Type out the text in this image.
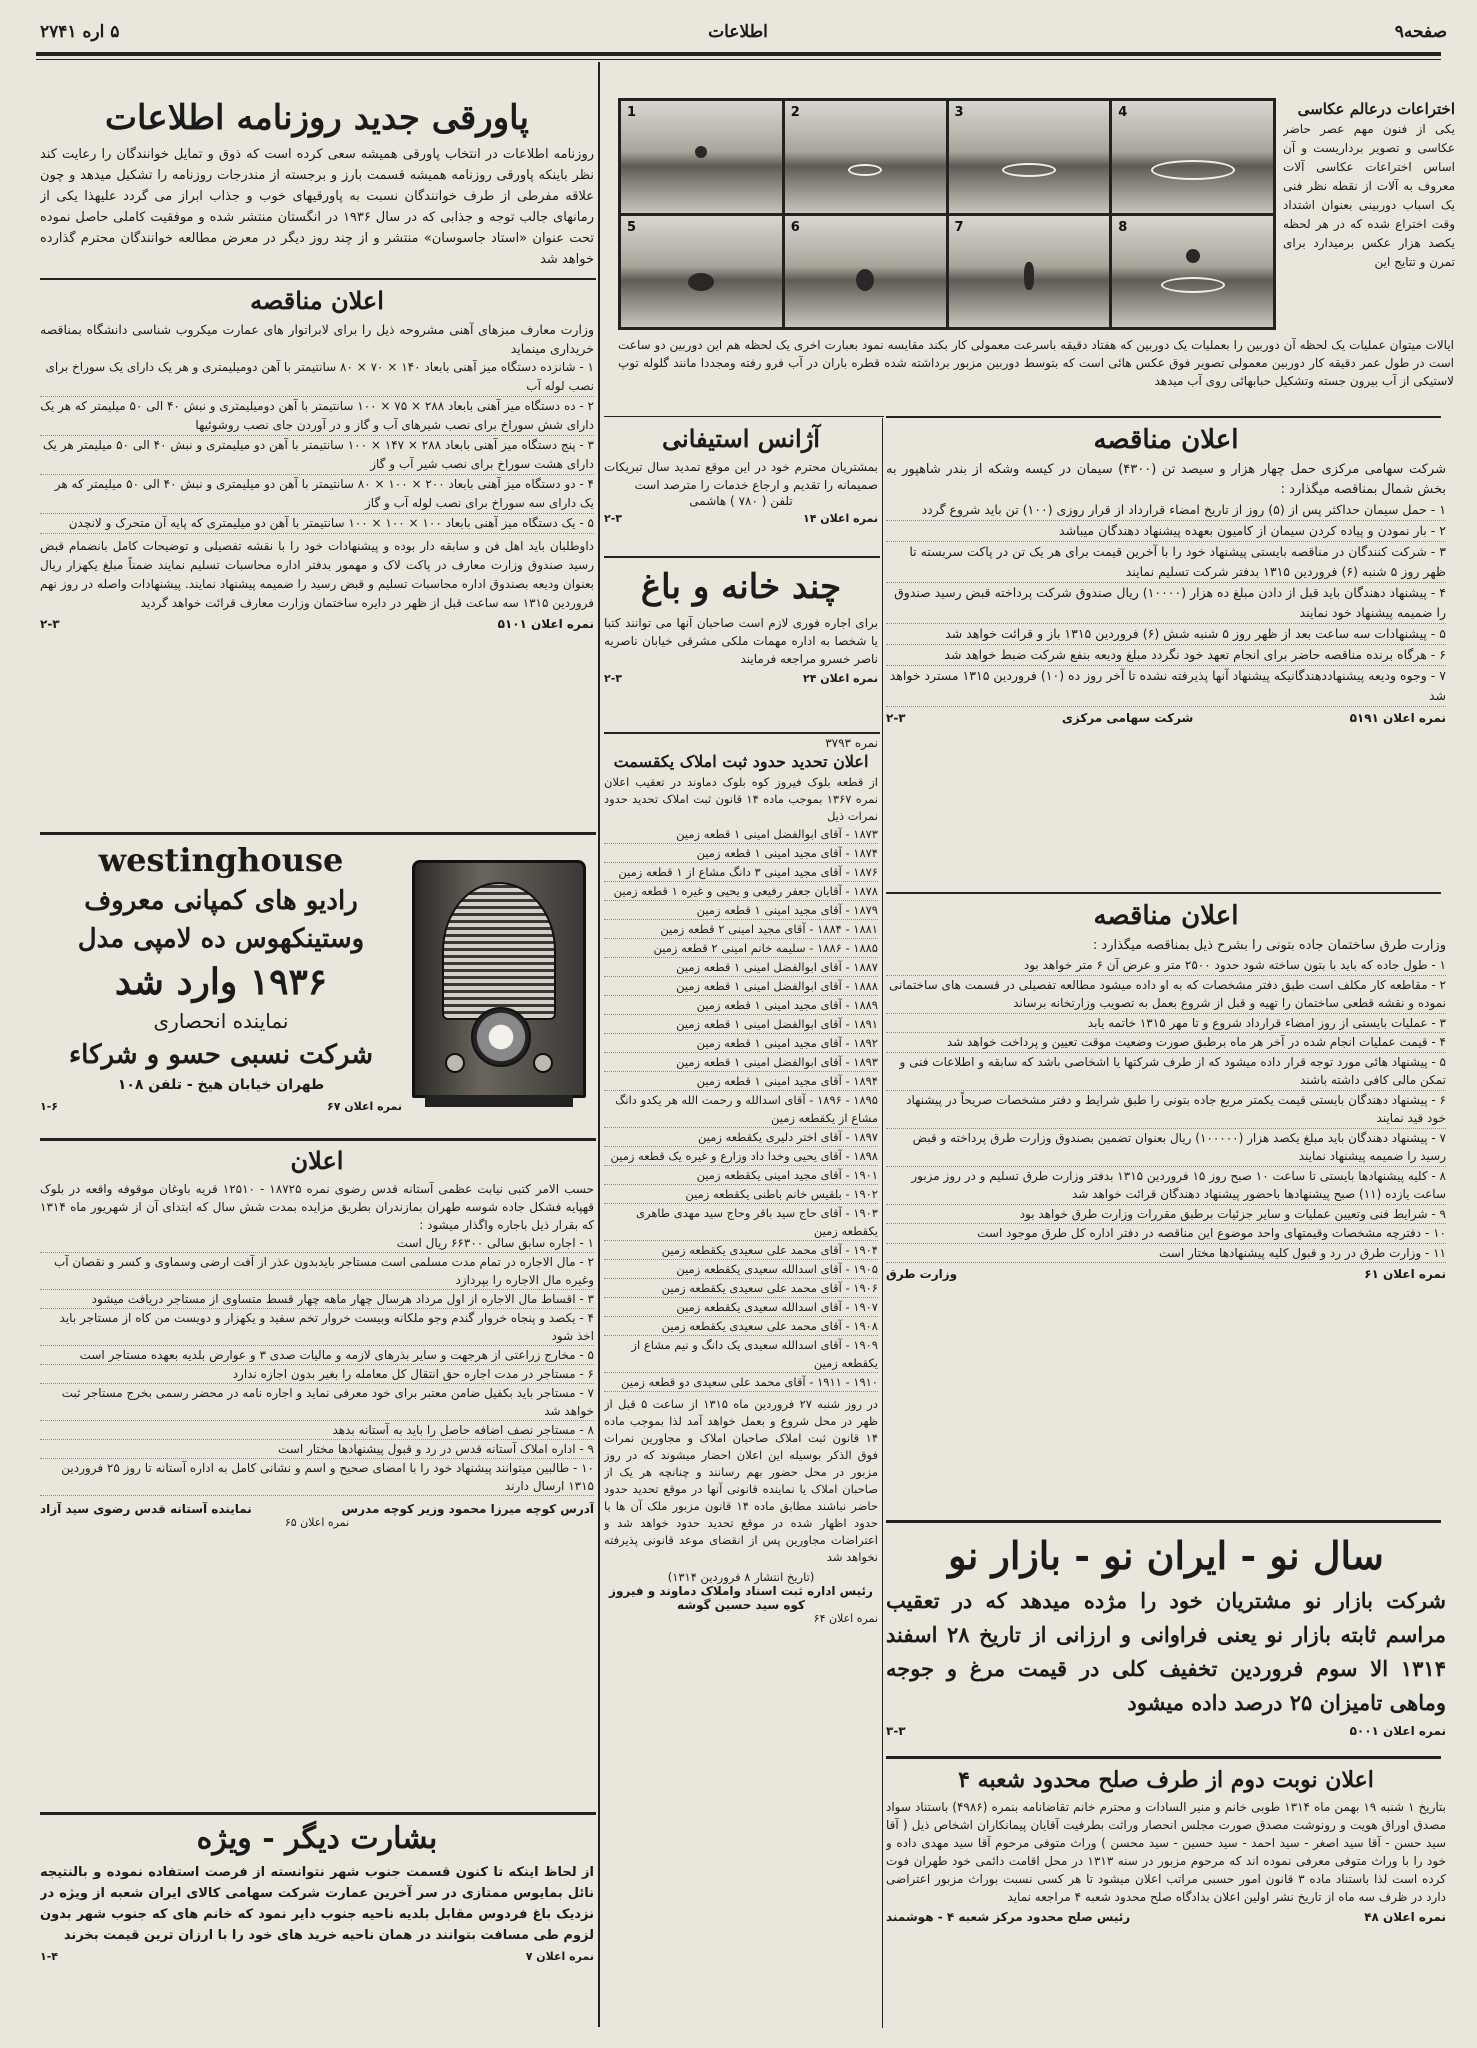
صفحه۹
اطلاعات
۵ اره ۲۷۴۱
اختراعات درعالم عکاسی
یکی از فنون مهم عصر حاضر عکاسی و تصویر برداریست و آن اساس اختراعات عکاسی آلات معروف به آلات از نقطه نظر فنی یک اسباب دوربینی بعنوان اشتداد وقت اختراع شده که در هر لحظه یکصد هزار عکس برمیدارد برای تمرن و تتایج این
4
3
2
1
8
7
6
5
ایالات میتوان عملیات یک لحظه آن دوربین را بعملیات یک دوربین که هفتاد دقیقه باسرعت معمولی کار بکند مقایسه نمود بعبارت اخری یک لحظه هم این دوربین دو ساعت است در طول عمر دقیقه کار دوربین معمولی تصویر فوق عکس هائی است که بتوسط دوربین مزبور برداشته شده قطره باران در آب فرو رفته ومجددا مانند گلوله توپ لاستیکی از آب بیرون جسته وتشکیل حبابهائی روی آب میدهد
اعلان مناقصه
شرکت سهامی مرکزی حمل چهار هزار و سیصد تن (۴۳۰۰) سیمان در کیسه وشکه از بندر شاهپور به بخش شمال بمناقصه میگذارد :
۱ - حمل سیمان حداکثر پس از (۵) روز از تاریخ امضاء قرارداد از قرار روزی (۱۰۰) تن باید شروع گردد
۲ - بار نمودن و پیاده کردن سیمان از کامیون بعهده پیشنهاد دهندگان میباشد
۳ - شرکت کنندگان در مناقصه بایستی پیشنهاد خود را با آخرین قیمت برای هر یک تن در پاکت سربسته تا ظهر روز ۵ شنبه (۶) فروردین ۱۳۱۵ بدفتر شرکت تسلیم نمایند
۴ - پیشنهاد دهندگان باید قبل از دادن مبلغ ده هزار (۱۰۰۰۰) ریال صندوق شرکت پرداخته قبض رسید صندوق را ضمیمه پیشنهاد خود نمایند
۵ - پیشنهادات سه ساعت بعد از ظهر روز ۵ شنبه شش (۶) فروردین ۱۳۱۵ باز و قرائت خواهد شد
۶ - هرگاه برنده مناقصه حاضر برای انجام تعهد خود نگردد مبلغ ودیعه بنفع شرکت ضبط خواهد شد
۷ - وجوه ودیعه پیشنهاددهندگانیکه پیشنهاد آنها پذیرفته نشده تا آخر روز ده (۱۰) فروردین ۱۳۱۵ مسترد خواهد شد
نمره اعلان ۵۱۹۱
شرکت سهامی مرکزی
۲-۳
اعلان مناقصه
وزارت طرق ساختمان جاده بتونی را بشرح ذیل بمناقصه میگذارد :
۱ - طول جاده که باید با بتون ساخته شود حدود ۲۵۰۰ متر و عرض آن ۶ متر خواهد بود
۲ - مقاطعه کار مکلف است طبق دفتر مشخصات که به او داده میشود مطالعه تفصیلی در قسمت های ساختمانی نموده و نقشه قطعی ساختمان را تهیه و قبل از شروع بعمل به تصویب وزارتخانه برساند
۳ - عملیات بایستی از روز امضاء قرارداد شروع و تا مهر ۱۳۱۵ خاتمه یابد
۴ - قیمت عملیات انجام شده در آخر هر ماه برطبق صورت وضعیت موقت تعیین و پرداخت خواهد شد
۵ - پیشنهاد هائی مورد توجه قرار داده میشود که از طرف شرکتها یا اشخاصی باشد که سابقه و اطلاعات فنی و تمکن مالی کافی داشته باشند
۶ - پیشنهاد دهندگان بایستی قیمت یکمتر مربع جاده بتونی را طبق شرایط و دفتر مشخصات صریحاً در پیشنهاد خود قید نمایند
۷ - پیشنهاد دهندگان باید مبلغ یکصد هزار (۱۰۰۰۰۰) ریال بعنوان تضمین بصندوق وزارت طرق پرداخته و قبض رسید را ضمیمه پیشنهاد نمایند
۸ - کلیه پیشنهادها بایستی تا ساعت ۱۰ صبح روز ۱۵ فروردین ۱۳۱۵ بدفتر وزارت طرق تسلیم و در روز مزبور ساعت یازده (۱۱) صبح پیشنهادها باحضور پیشنهاد دهندگان قرائت خواهد شد
۹ - شرایط فنی وتعیین عملیات و سایر جزئیات برطبق مقررات وزارت طرق خواهد بود
۱۰ - دفترچه مشخصات وقیمتهای واحد موضوع این مناقصه در دفتر اداره کل طرق موجود است
۱۱ - وزارت طرق در رد و قبول کلیه پیشنهادها مختار است
نمره اعلان ۶۱
وزارت طرق
سال نو - ایران نو - بازار نو
شرکت بازار نو مشتریان خود را مژده میدهد که در تعقیب مراسم ثابته بازار نو یعنی فراوانی و ارزانی از تاریخ ۲۸ اسفند ۱۳۱۴ الا سوم فروردین تخفیف کلی در قیمت مرغ و جوجه وماهی تامیزان ۲۵ درصد داده میشود
نمره اعلان ۵۰۰۱
۳-۳
اعلان نوبت دوم از طرف صلح محدود شعبه ۴
بتاریخ ۱ شنبه ۱۹ بهمن ماه ۱۳۱۴ طوبی خانم و منیر السادات و محترم خانم تقاضانامه بنمره (۴۹۸۶) باستناد سواد مصدق اوراق هویت و رونوشت مصدق صورت مجلس انحصار وراثت بطرفیت آقایان پیمانکاران اشخاص ذیل ( آقا سید حسن - آقا سید اصغر - سید احمد - سید حسین - سید محسن ) وراث متوفی مرحوم آقا سید مهدی داده و خود را با وراث متوفی معرفی نموده اند که مرحوم مزبور در سنه ۱۳۱۳ در محل اقامت دائمی خود طهران فوت کرده است لذا باستناد ماده ۳ قانون امور حسبی مراتب اعلان میشود تا هر کسی نسبت بوراث مزبور اعتراضی دارد در ظرف سه ماه از تاریخ نشر اولین اعلان بدادگاه صلح محدود شعبه ۴ مراجعه نماید
نمره اعلان ۴۸
رئیس صلح محدود مرکز شعبه ۴ - هوشمند
آژانس استیفانی
بمشتریان محترم خود در این موقع تمدید سال تبریکات صمیمانه را تقدیم و ارجاع خدمات را مترصد است
تلفن ( ۷۸۰ ) هاشمی
نمره اعلان ۱۴
۲-۳
چند خانه و باغ
برای اجاره فوری لازم است صاحبان آنها می توانند کتبا یا شخصا به اداره مهمات ملکی مشرقی خیابان ناصریه ناصر خسرو مراجعه فرمایند
نمره اعلان ۲۴
۲-۳
نمره ۳۷۹۳
اعلان تحدید حدود ثبت املاک یکقسمت
از قطعه بلوک فیروز کوه بلوک دماوند در تعقیب اعلان نمره ۱۳۶۷ بموجب ماده ۱۴ قانون ثبت املاک تحدید حدود نمرات ذیل
۱۸۷۳ - آقای ابوالفضل امینی ۱ قطعه زمین
۱۸۷۴ - آقای مجید امینی ۱ قطعه زمین
۱۸۷۶ - آقای مجید امینی ۳ دانگ مشاع از ۱ قطعه زمین
۱۸۷۸ - آقایان جعفر رفیعی و یحیی و غیره ۱ قطعه زمین
۱۸۷۹ - آقای مجید امینی ۱ قطعه زمین
۱۸۸۱ - ۱۸۸۴ - آقای مجید امینی ۲ قطعه زمین
۱۸۸۵ - ۱۸۸۶ - سلیمه خانم امینی ۲ قطعه زمین
۱۸۸۷ - آقای ابوالفضل امینی ۱ قطعه زمین
۱۸۸۸ - آقای ابوالفضل امینی ۱ قطعه زمین
۱۸۸۹ - آقای مجید امینی ۱ قطعه زمین
۱۸۹۱ - آقای ابوالفضل امینی ۱ قطعه زمین
۱۸۹۲ - آقای مجید امینی ۱ قطعه زمین
۱۸۹۳ - آقای ابوالفضل امینی ۱ قطعه زمین
۱۸۹۴ - آقای مجید امینی ۱ قطعه زمین
۱۸۹۵ - ۱۸۹۶ - آقای اسدالله و رحمت الله هر یکدو دانگ مشاع از یکقطعه زمین
۱۸۹۷ - آقای اختر دلیری یکقطعه زمین
۱۸۹۸ - آقای یحیی وخدا داد وزارع و غیره یک قطعه زمین
۱۹۰۱ - آقای مجید امینی یکقطعه زمین
۱۹۰۲ - بلقیس خانم باطنی یکقطعه زمین
۱۹۰۳ - آقای حاج سید باقر وحاج سید مهدی طاهری یکقطعه زمین
۱۹۰۴ - آقای محمد علی سعیدی یکقطعه زمین
۱۹۰۵ - آقای اسدالله سعیدی یکقطعه زمین
۱۹۰۶ - آقای محمد علی سعیدی یکقطعه زمین
۱۹۰۷ - آقای اسدالله سعیدی یکقطعه زمین
۱۹۰۸ - آقای محمد علی سعیدی یکقطعه زمین
۱۹۰۹ - آقای اسدالله سعیدی یک دانگ و نیم مشاع از یکقطعه زمین
۱۹۱۰ - ۱۹۱۱ - آقای محمد علی سعیدی دو قطعه زمین
در روز شنبه ۲۷ فروردین ماه ۱۳۱۵ از ساعت ۵ قبل از ظهر در محل شروع و بعمل خواهد آمد لذا بموجب ماده ۱۴ قانون ثبت املاک صاحبان املاک و مجاورین نمرات فوق الذکر بوسیله این اعلان احضار میشوند که در روز مزبور در محل حضور بهم رسانند و چنانچه هر یک از صاحبان املاک یا نماینده قانونی آنها در موقع تحدید حدود حاضر نباشند مطابق ماده ۱۴ قانون مزبور ملک آن ها با حدود اظهار شده در موقع تحدید حدود خواهد شد و اعتراضات مجاورین پس از انقضای موعد قانونی پذیرفته نخواهد شد
(تاریخ انتشار ۸ فروردین ۱۳۱۴)
رئیس اداره ثبت اسناد واملاک دماوند و فیروز کوه سید حسین گوشه
نمره اعلان ۶۴
پاورقی جدید روزنامه اطلاعات
روزنامه اطلاعات در انتخاب پاورقی همیشه سعی کرده است که ذوق و تمایل خوانندگان را رعایت کند نظر باینکه پاورقی روزنامه همیشه قسمت بارز و برجسته از مندرجات روزنامه را تشکیل میدهد و چون علاقه مفرطی از طرف خوانندگان نسبت به پاورقیهای خوب و جذاب ابراز می گردد علیهذا یکی از رمانهای جالب توجه و جذابی که در سال ۱۹۳۶ در انگستان منتشر شده و موفقیت کاملی حاصل نموده تحت عنوان «استاد جاسوسان» منتشر و از چند روز دیگر در معرض مطالعه خوانندگان محترم گذارده خواهد شد
اعلان مناقصه
وزارت معارف مبزهای آهنی مشروحه ذیل را برای لابراتوار های عمارت میکروب شناسی دانشگاه بمناقصه خریداری مینماید
۱ - شانزده دستگاه میز آهنی بابعاد ۱۴۰ × ۷۰ × ۸۰ سانتیمتر با آهن دومیلیمتری و هر یک دارای یک سوراخ برای نصب لوله آب
۲ - ده دستگاه میز آهنی بابعاد ۲۸۸ × ۷۵ × ۱۰۰ سانتیمتر با آهن دومیلیمتری و نبش ۴۰ الی ۵۰ میلیمتر که هر یک دارای شش سوراخ برای نصب شیرهای آب و گاز و در آوردن جای نصب روشوئیها
۳ - پنج دستگاه میز آهنی بابعاد ۲۸۸ × ۱۴۷ × ۱۰۰ سانتیمتر با آهن دو میلیمتری و نبش ۴۰ الی ۵۰ میلیمتر هر یک دارای هشت سوراخ برای نصب شیر آب و گاز
۴ - دو دستگاه میز آهنی بابعاد ۲۰۰ × ۱۰۰ × ۸۰ سانتیمتر با آهن دو میلیمتری و نبش ۴۰ الی ۵۰ میلیمتر که هر یک دارای سه سوراخ برای نصب لوله آب و گاز
۵ - یک دستگاه میز آهنی بابعاد ۱۰۰ × ۱۰۰ × ۱۰۰ سانتیمتر با آهن دو میلیمتری که پایه آن متحرک و لانچدن
داوطلبان باید اهل فن و سابقه دار بوده و پیشنهادات خود را با نقشه تفصیلی و توضیحات کامل بانضمام قبض رسید صندوق وزارت معارف در پاکت لاک و مهمور بدفتر اداره محاسبات تسلیم نمایند ضمناً مبلغ یکهزار ریال بعنوان ودیعه بصندوق اداره محاسبات تسلیم و قبض رسید را ضمیمه پیشنهاد نمایند. پیشنهادات واصله در روز نهم فروردین ۱۳۱۵ سه ساعت قبل از ظهر در دایره ساختمان وزارت معارف قرائت خواهد گردید
نمره اعلان ۵۱۰۱
۲-۳
westinghouse
رادیو های کمپانی معروف
وستینکهوس ده لامپی مدل
۱۹۳۶ وارد شد
نماینده انحصاری
شرکت نسبی حسو و شرکاء
طهران خیابان هیخ - تلفن ۱۰۸
نمره اعلان ۶۷
۱-۶
اعلان
حسب الامر کتبی نیابت عظمی آستانه قدس رضوی نمره ۱۸۷۲۵ - ۱۲۵۱۰ قریه باوغان موقوفه واقعه در بلوک قهپایه فشکل جاده شوسه طهران بمازندران بطریق مزایده بمدت شش سال که ابتدای آن از شهریور ماه ۱۳۱۴ که بقرار ذیل باجاره واگذار میشود :
۱ - اجاره سابق سالی ۶۶۳۰۰ ریال است
۲ - مال الاجاره در تمام مدت مسلمی است مستاجر بایدبدون عذر از آفت ارضی وسماوی و کسر و نقصان آب وغیره مال الاجاره را بپردازد
۳ - اقساط مال الاجاره از اول مرداد هرسال چهار ماهه چهار قسط متساوی از مستاجر دریافت میشود
۴ - یکصد و پنجاه خروار گندم وجو ملکانه وبیست خروار تخم سفید و یکهزار و دویست من کاه از مستاجر باید اخذ شود
۵ - مخارج زراعتی از هرجهت و سایر بذرهای لازمه و مالیات صدی ۳ و عوارض بلدیه بعهده مستاجر است
۶ - مستاجر در مدت اجاره حق انتقال کل معامله را بغیر بدون اجازه ندارد
۷ - مستاجر باید بکفیل ضامن معتبر برای خود معرفی نماید و اجاره نامه در محضر رسمی بخرج مستاجر ثبت خواهد شد
۸ - مستاجر نصف اضافه حاصل را باید به آستانه بدهد
۹ - اداره املاک آستانه قدس در رد و قبول پیشنهادها مختار است
۱۰ - طالبین میتوانند پیشنهاد خود را با امضای صحیح و اسم و نشانی کامل به اداره آستانه تا روز ۲۵ فروردین ۱۳۱۵ ارسال دارند
آدرس کوچه میرزا محمود وزیر کوچه مدرس
نماینده آستانه قدس رضوی سید آزاد
نمره اعلان ۶۵
بشارت دیگر - ویژه
از لحاظ اینکه تا کنون قسمت جنوب شهر نتوانسته از فرصت استفاده نموده و بالنتیجه نائل بمایوس ممتازی در سر آخرین عمارت شرکت سهامی کالای ایران شعبه از ویژه در نزدیک باغ فردوس مقابل بلدیه ناحیه جنوب دایر نمود که خانم های که جنوب شهر بدون لزوم طی مسافت بتوانند در همان ناحیه خرید های خود را با ارزان ترین قیمت بخرند
نمره اعلان ۷
۱-۴
